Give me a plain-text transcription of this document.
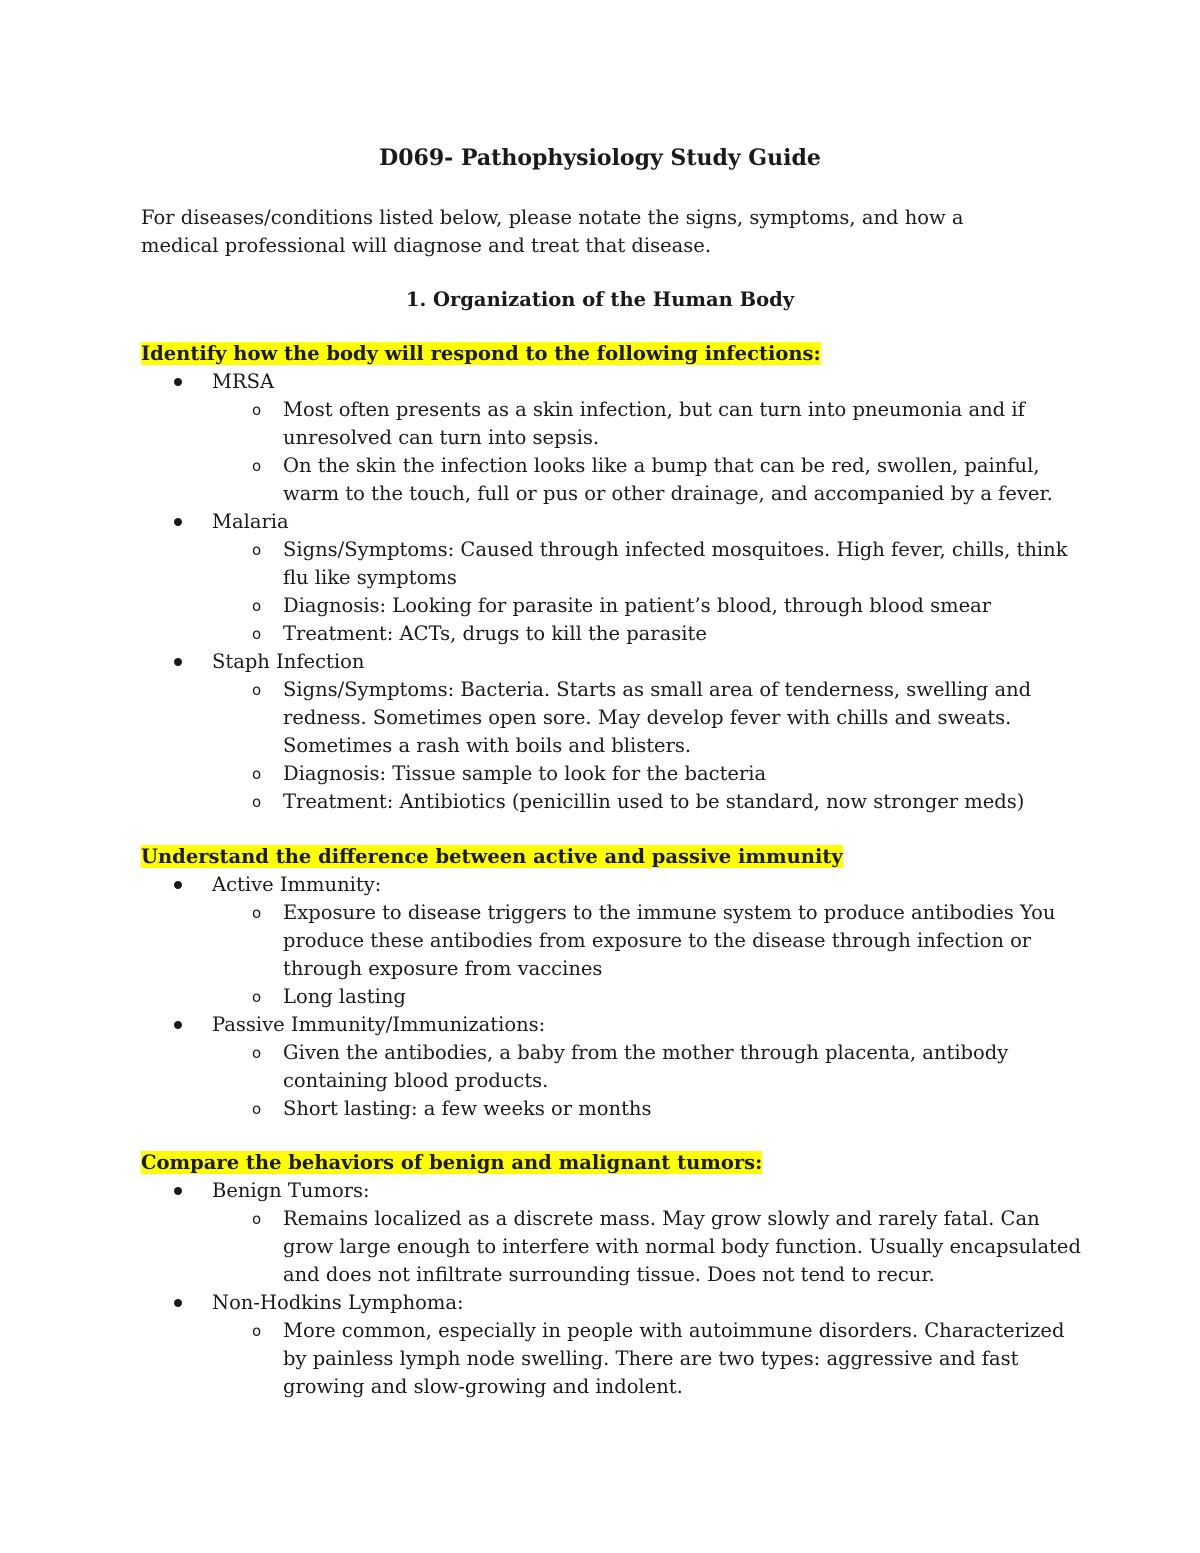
D069- Pathophysiology Study Guide

For diseases/conditions listed below, please notate the signs, symptoms, and how a medical professional will diagnose and treat that disease.

1. Organization of the Human Body

Identify how the body will respond to the following infections:

MRSA
o Most often presents as a skin infection, but can turn into pneumonia and if unresolved can turn into sepsis.
o On the skin the infection looks like a bump that can be red, swollen, painful, warm to the touch, full or pus or other drainage, and accompanied by a fever.
Malaria
o Signs/Symptoms: Caused through infected mosquitoes. High fever, chills, think flu like symptoms
o Diagnosis: Looking for parasite in patient’s blood, through blood smear
o Treatment: ACTs, drugs to kill the parasite
Staph Infection
o Signs/Symptoms: Bacteria. Starts as small area of tenderness, swelling and redness. Sometimes open sore. May develop fever with chills and sweats. Sometimes a rash with boils and blisters.
o Diagnosis: Tissue sample to look for the bacteria
o Treatment: Antibiotics (penicillin used to be standard, now stronger meds)

Understand the difference between active and passive immunity

Active Immunity:
o Exposure to disease triggers to the immune system to produce antibodies You produce these antibodies from exposure to the disease through infection or through exposure from vaccines
o Long lasting
Passive Immunity/Immunizations:
o Given the antibodies, a baby from the mother through placenta, antibody containing blood products.
o Short lasting: a few weeks or months

Compare the behaviors of benign and malignant tumors:

Benign Tumors:
o Remains localized as a discrete mass. May grow slowly and rarely fatal. Can grow large enough to interfere with normal body function. Usually encapsulated and does not infiltrate surrounding tissue. Does not tend to recur.
Non-Hodkins Lymphoma:
o More common, especially in people with autoimmune disorders. Characterized by painless lymph node swelling. There are two types: aggressive and fast growing and slow-growing and indolent.
